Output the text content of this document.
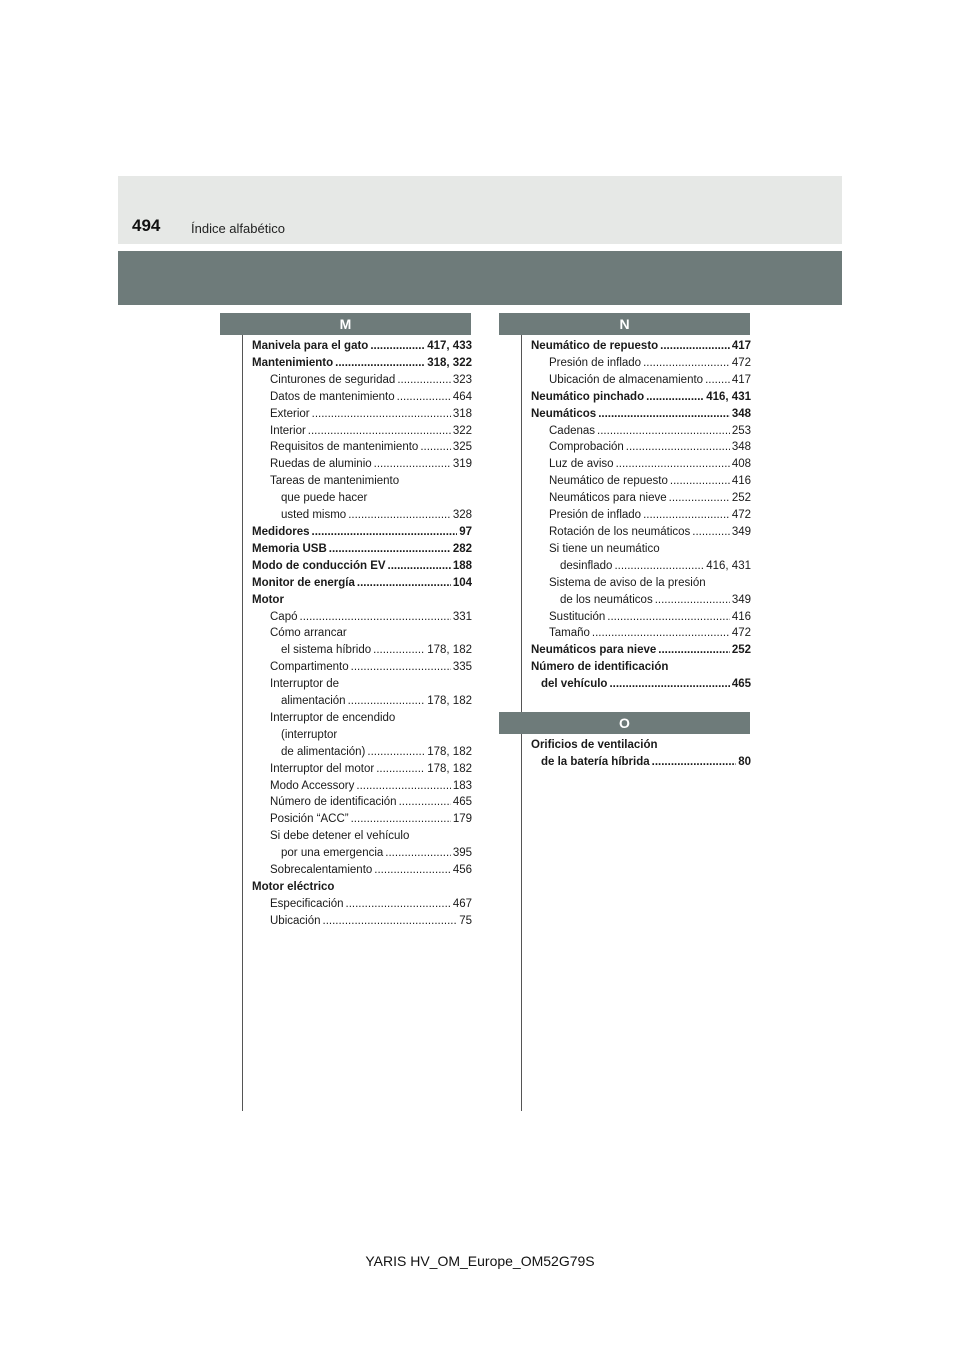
494 Índice alfabético
M	N
O
Manivela para el gato .....	417, 433
Mantenimiento .....	318, 322
Cinturones de seguridad .....	323
Datos de mantenimiento .....	464
Exterior .....	318
Interior .....	322
Requisitos de mantenimiento .....	325
Ruedas de aluminio .....	319
Tareas de mantenimiento
que puede hacer
usted mismo .....	328
Medidores .....	97
Memoria USB .....	282
Modo de conducción EV .....	188
Monitor de energía .....	104
Motor
Capó .....	331
Cómo arrancar
el sistema híbrido .....	178, 182
Compartimento .....	335
Interruptor de
alimentación .....	178, 182
Interruptor de encendido
(interruptor
de alimentación) .....	178, 182
Interruptor del motor .....	178, 182
Modo Accessory .....	183
Número de identificación .....	465
Posición “ACC” .....	179
Si debe detener el vehículo
por una emergencia .....	395
Sobrecalentamiento .....	456
Motor eléctrico
Especificación .....	467
Ubicación .....	75
Neumático de repuesto .....	417
Presión de inflado .....	472
Ubicación de almacenamiento .....	417
Neumático pinchado .....	416, 431
Neumáticos .....	348
Cadenas .....	253
Comprobación .....	348
Luz de aviso .....	408
Neumático de repuesto .....	416
Neumáticos para nieve .....	252
Presión de inflado .....	472
Rotación de los neumáticos .....	349
Si tiene un neumático
desinflado .....	416, 431
Sistema de aviso de la presión
de los neumáticos .....	349
Sustitución .....	416
Tamaño .....	472
Neumáticos para nieve .....	252
Número de identificación
del vehículo .....	465
Orificios de ventilación
de la batería híbrida .....	80
YARIS HV_OM_Europe_OM52G79S
